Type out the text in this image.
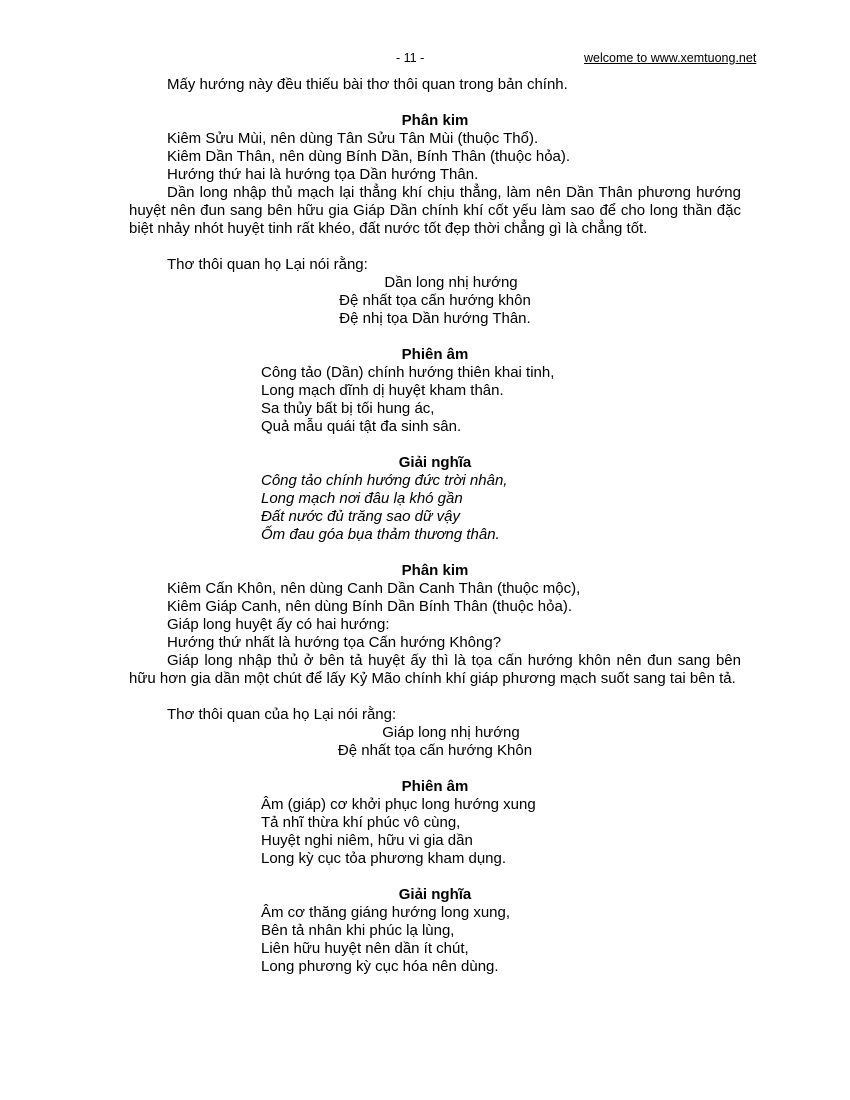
- 11 -	welcome to www.xemtuong.net

Mấy hướng này đều thiếu bài thơ thôi quan trong bản chính.

Phân kim

Kiêm Sửu Mùi, nên dùng Tân Sửu Tân Mùi (thuộc Thổ).

Kiêm Dần Thân, nên dùng Bính Dần, Bính Thân (thuộc hỏa).

Hướng thứ hai là hướng tọa Dần hướng Thân.

Dần long nhập thủ mạch lại thẳng khí chịu thẳng, làm nên Dần Thân phương hướng huyệt nên đun sang bên hữu gia Giáp Dần chính khí cốt yếu làm sao để cho long thần đặc biệt nhảy nhót huyệt tinh rất khéo, đất nước tốt đẹp thời chẳng gì là chẳng tốt.

Thơ thôi quan họ Lại nói rằng:

Dần long nhị hướng

Đệ nhất tọa cấn hướng khôn

Đệ nhị tọa Dần hướng Thân.

Phiên âm

Công tảo (Dần) chính hướng thiên khai tinh,

Long mạch dĩnh dị huyệt kham thân.

Sa thủy bất bị tối hung ác,

Quả mẫu quái tật đa sinh sân.

Giải nghĩa

Công tảo chính hướng đức trời nhân,

Long mạch nơi đâu lạ khó gần

Đất nước đủ trăng sao dữ vậy

Ốm đau góa bụa thảm thương thân.

Phân kim

Kiêm Cấn Khôn, nên dùng Canh Dần Canh Thân (thuộc mộc),

Kiêm Giáp Canh, nên dùng Bính Dần Bính Thân (thuộc hỏa).

Giáp long huyệt ấy có hai hướng:

Hướng thứ nhất là hướng tọa Cấn hướng Không?

Giáp long nhập thủ ở bên tả huyệt ấy thì là tọa cấn hướng khôn nên đun sang bên hữu hơn gia dần một chút để lấy Kỷ Mão chính khí giáp phương mạch suốt sang tai bên tả.

Thơ thôi quan của họ Lại nói rằng:

Giáp long nhị hướng

Đệ nhất tọa cấn hướng Khôn

Phiên âm

Âm (giáp) cơ khởi phục long hướng xung

Tả nhĩ thừa khí phúc vô cùng,

Huyệt nghi niêm, hữu vi gia dần

Long kỳ cục tỏa phương kham dụng.

Giải nghĩa

Âm cơ thăng giáng hướng long xung,

Bên tả nhân khi phúc lạ lùng,

Liên hữu huyệt nên dần ít chút,

Long phương kỳ cục hóa nên dùng.
